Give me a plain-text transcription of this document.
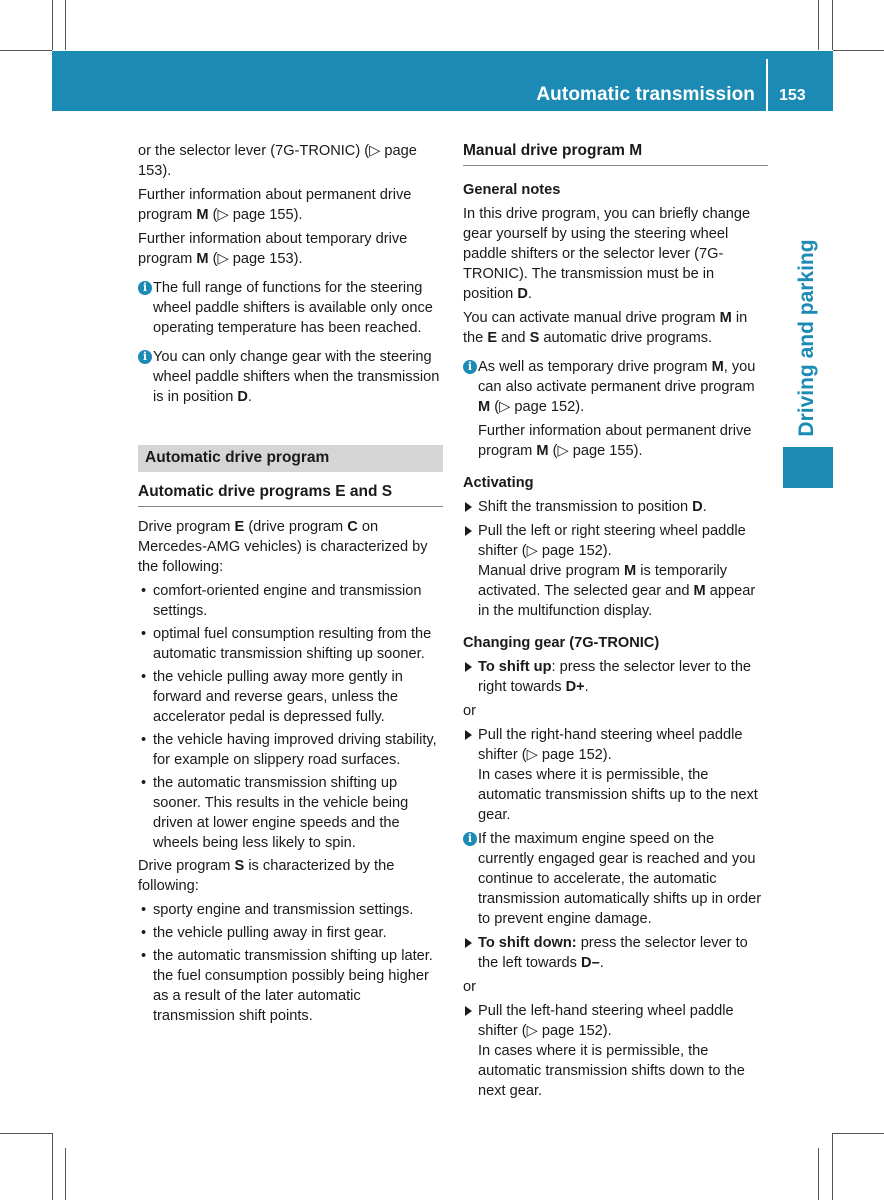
Automatic transmission 153
Driving and parking

or the selector lever (7G-TRONIC) (▷ page 153).

Further information about permanent drive program M (▷ page 155).

Further information about temporary drive program M (▷ page 153).

i The full range of functions for the steering wheel paddle shifters is available only once operating temperature has been reached.
i You can only change gear with the steering wheel paddle shifters when the transmission is in position D.
Automatic drive program
Automatic drive programs E and S

Drive program E (drive program C on Mercedes-AMG vehicles) is characterized by the following:

• comfort-oriented engine and transmission settings.
• optimal fuel consumption resulting from the automatic transmission shifting up sooner.
• the vehicle pulling away more gently in forward and reverse gears, unless the accelerator pedal is depressed fully.
• the vehicle having improved driving stability, for example on slippery road surfaces.
• the automatic transmission shifting up sooner. This results in the vehicle being driven at lower engine speeds and the wheels being less likely to spin.

Drive program S is characterized by the following:

• sporty engine and transmission settings.
• the vehicle pulling away in first gear.
• the automatic transmission shifting up later. the fuel consumption possibly being higher as a result of the later automatic transmission shift points.
Manual drive program M
General notes

In this drive program, you can briefly change gear yourself by using the steering wheel paddle shifters or the selector lever (7G-TRONIC). The transmission must be in position D.

You can activate manual drive program M in the E and S automatic drive programs.

i As well as temporary drive program M, you can also activate permanent drive program M (▷ page 152).
Further information about permanent drive program M (▷ page 155).
Activating
Shift the transmission to position D.
Pull the left or right steering wheel paddle shifter (▷ page 152).
Manual drive program M is temporarily activated. The selected gear and M appear in the multifunction display.
Changing gear (7G-TRONIC)
To shift up: press the selector lever to the right towards D+.

or

Pull the right-hand steering wheel paddle shifter (▷ page 152).
In cases where it is permissible, the automatic transmission shifts up to the next gear.
i If the maximum engine speed on the currently engaged gear is reached and you continue to accelerate, the automatic transmission automatically shifts up in order to prevent engine damage.
To shift down: press the selector lever to the left towards D–.

or

Pull the left-hand steering wheel paddle shifter (▷ page 152).
In cases where it is permissible, the automatic transmission shifts down to the next gear.
